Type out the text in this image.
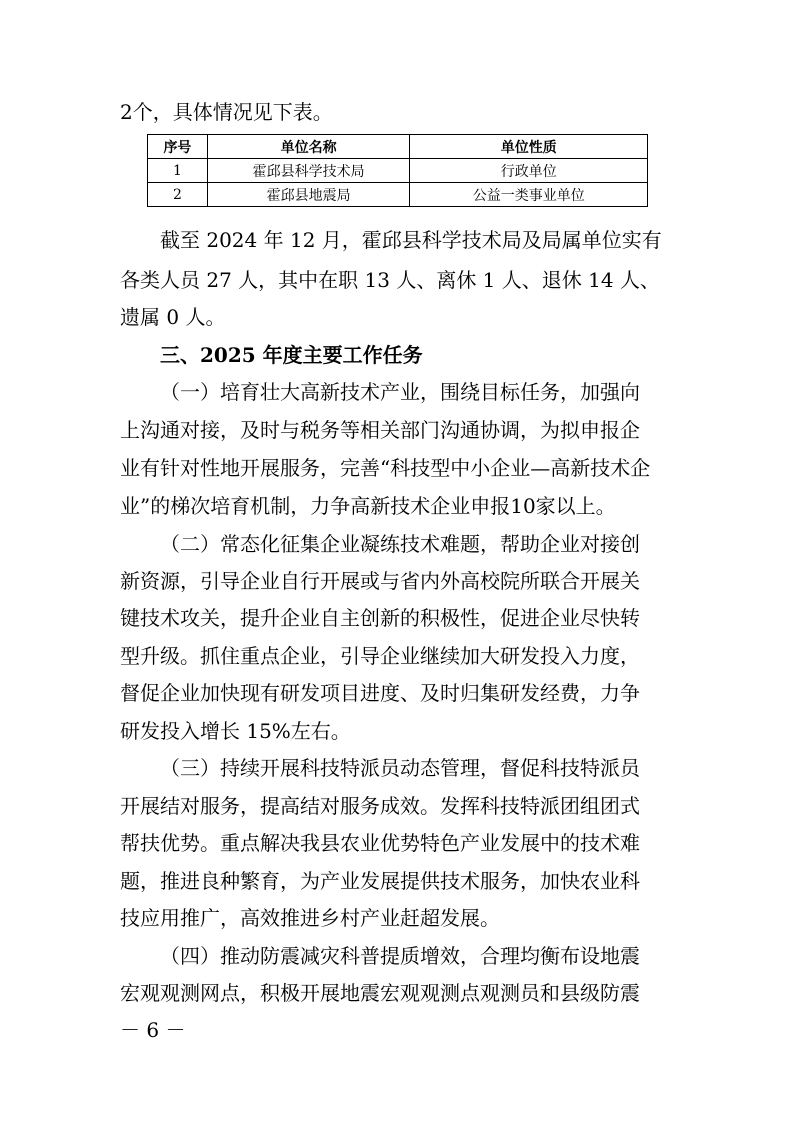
2个，具体情况见下表。
序号	单位名称	单位性质
1	霍邱县科学技术局	行政单位
2	霍邱县地震局	公益一类事业单位
截至 2024 年 12 月，霍邱县科学技术局及局属单位实有
各类人员 27 人，其中在职 13 人、离休 1 人、退休 14 人、
遗属 0 人。
三、2025 年度主要工作任务
（一）培育壮大高新技术产业，围绕目标任务，加强向
上沟通对接，及时与税务等相关部门沟通协调，为拟申报企
业有针对性地开展服务，完善“科技型中小企业—高新技术企
业”的梯次培育机制，力争高新技术企业申报10家以上。
（二）常态化征集企业凝练技术难题，帮助企业对接创
新资源，引导企业自行开展或与省内外高校院所联合开展关
键技术攻关，提升企业自主创新的积极性，促进企业尽快转
型升级。抓住重点企业，引导企业继续加大研发投入力度，
督促企业加快现有研发项目进度、及时归集研发经费，力争
研发投入增长 15%左右。
（三）持续开展科技特派员动态管理，督促科技特派员
开展结对服务，提高结对服务成效。发挥科技特派团组团式
帮扶优势。重点解决我县农业优势特色产业发展中的技术难
题，推进良种繁育，为产业发展提供技术服务，加快农业科
技应用推广，高效推进乡村产业赶超发展。
（四）推动防震减灾科普提质增效，合理均衡布设地震
宏观观测网点，积极开展地震宏观观测点观测员和县级防震
－ 6 －
